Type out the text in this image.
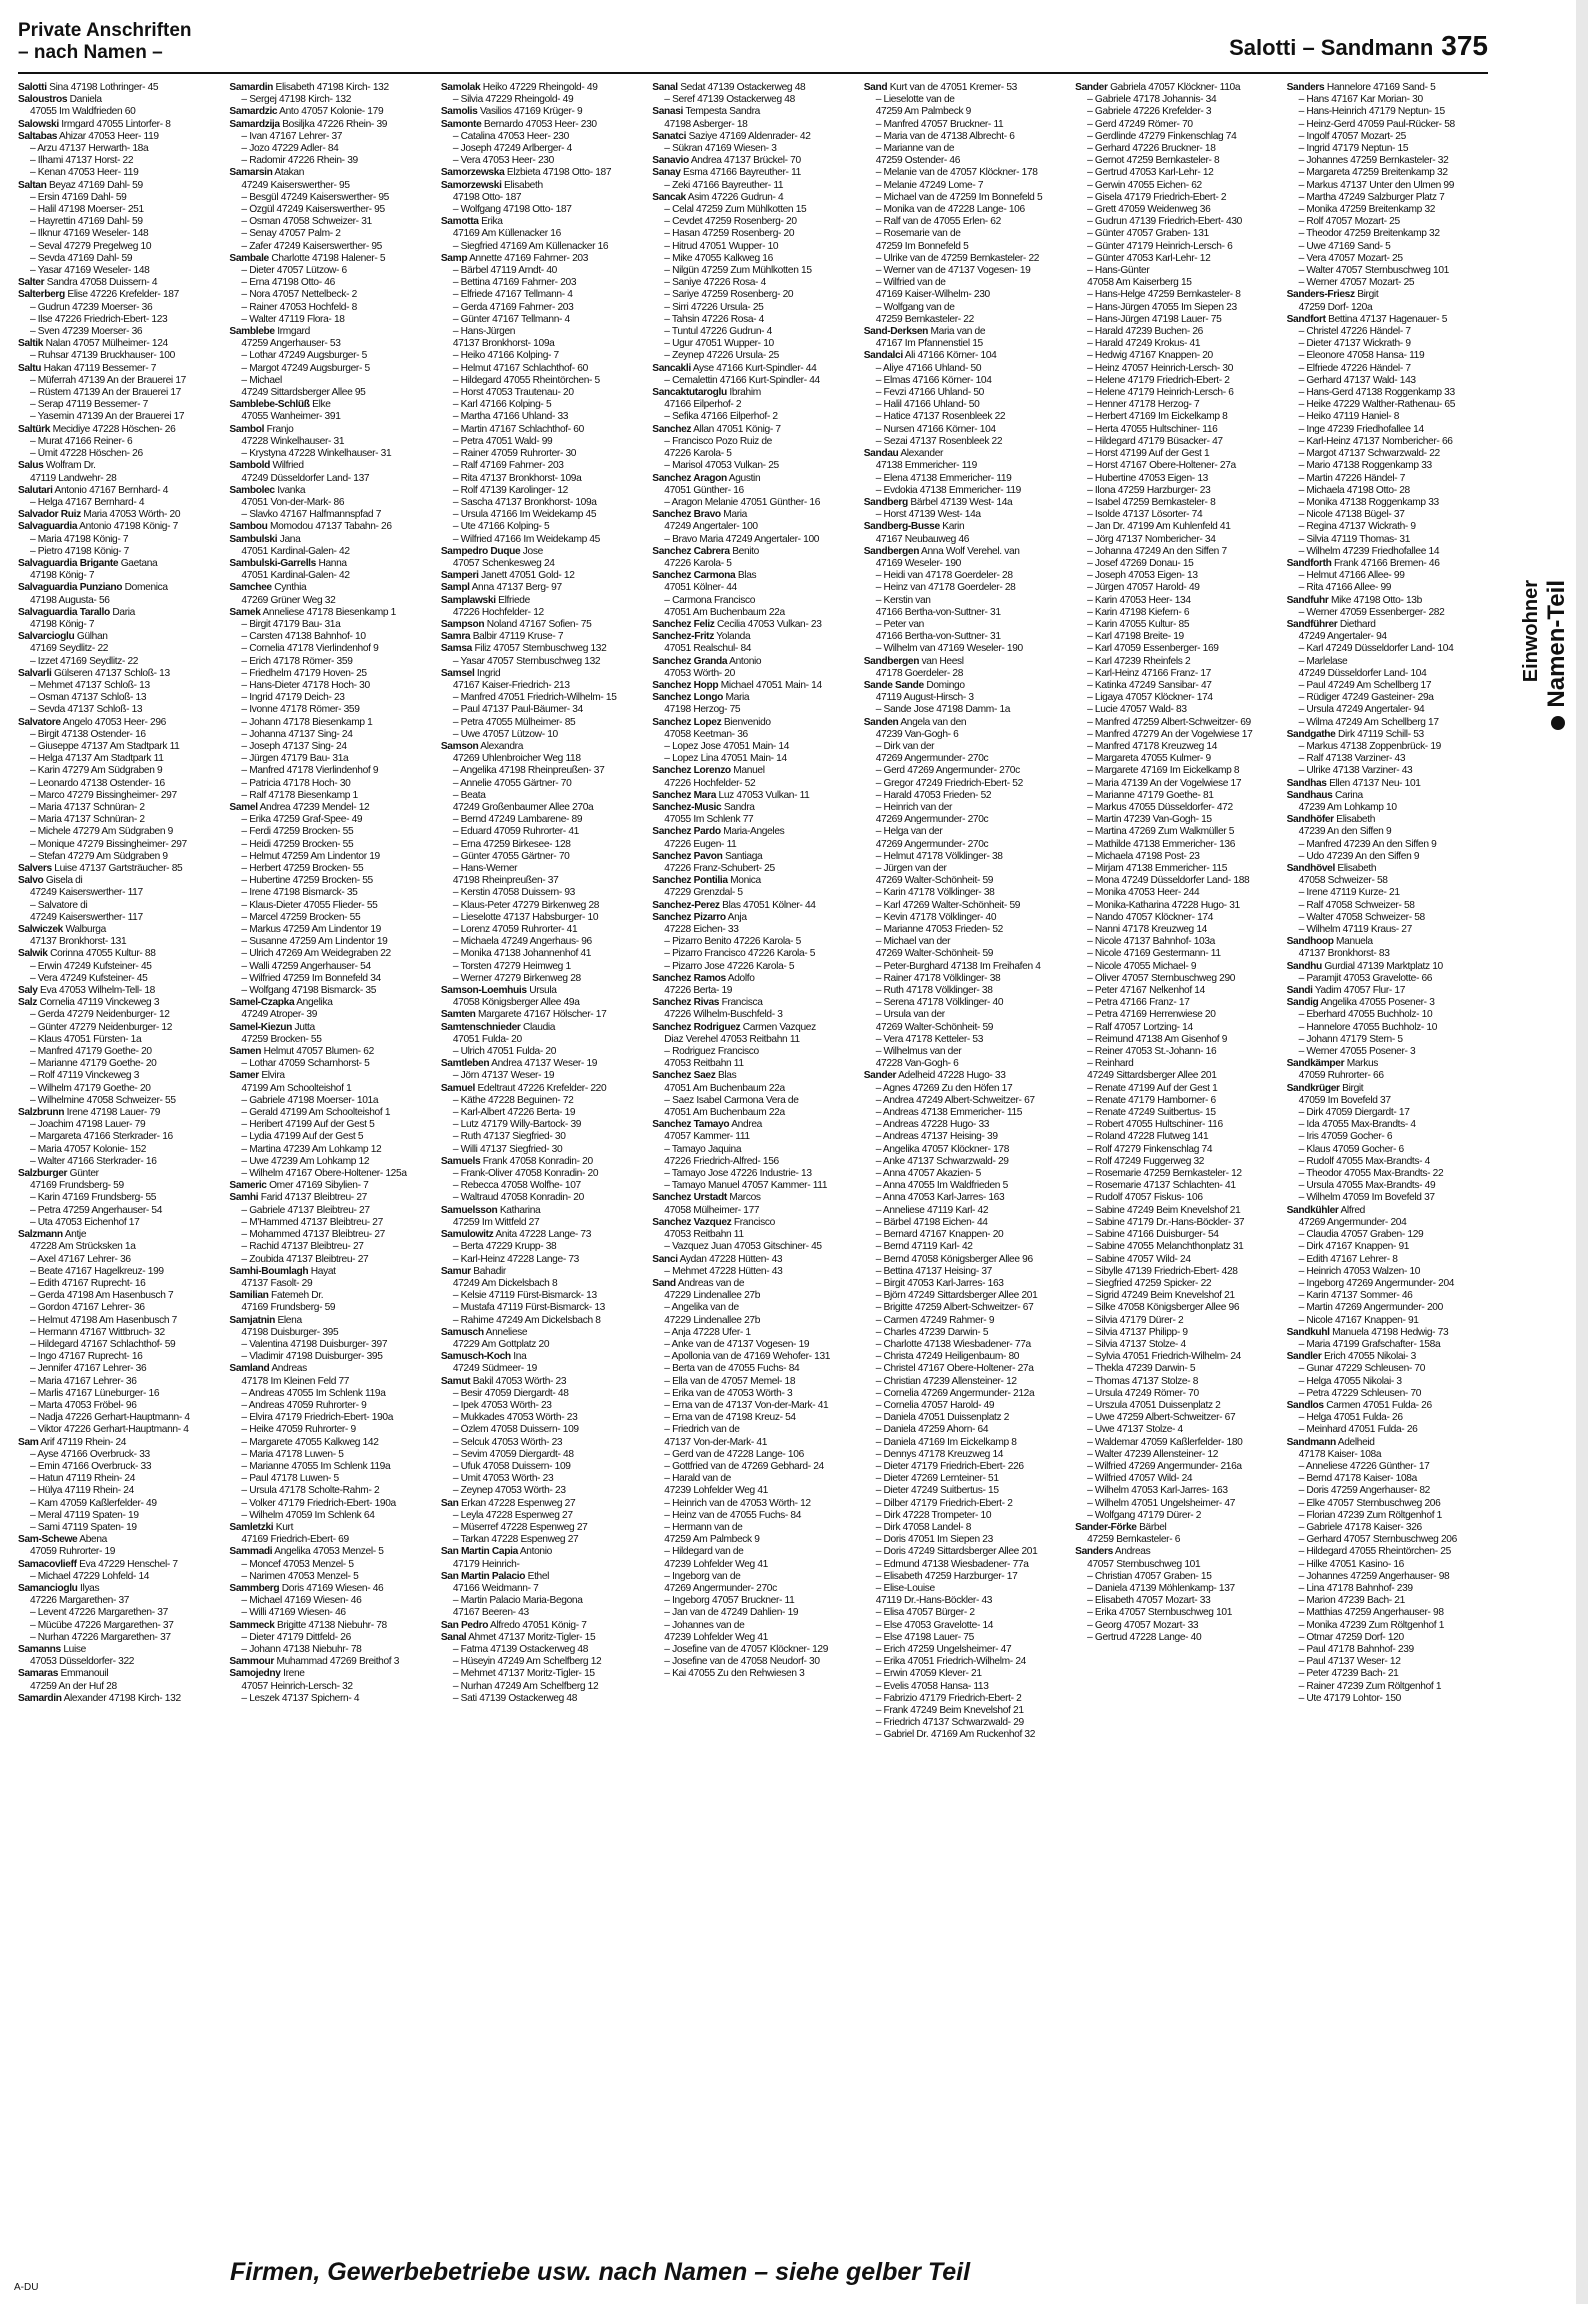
Private Anschriften
– nach Namen –	Salotti – Sandmann 375
Salotti Sina 47198 Lothringer- 45
Saloustros Daniela
47055 Im Waldfrieden 60
Salowski Irmgard 47055 Lintorfer- 8
Saltabas Ahizar 47053 Heer- 119
– Arzu 47137 Herwarth- 18a
– Ilhami 47137 Horst- 22
– Kenan 47053 Heer- 119
Saltan Beyaz 47169 Dahl- 59
– Ersin 47169 Dahl- 59
– Halil 47198 Moerser- 251
– Hayrettin 47169 Dahl- 59
– Ilknur 47169 Weseler- 148
– Seval 47279 Pregelweg 10
– Sevda 47169 Dahl- 59
– Yasar 47169 Weseler- 148
Salter Sandra 47058 Duissern- 4
Salterberg Elise 47226 Krefelder- 187
– Gudrun 47239 Moerser- 36
– Ilse 47226 Friedrich-Ebert- 123
– Sven 47239 Moerser- 36
Saltik Nalan 47057 Mülheimer- 124
– Ruhsar 47139 Bruckhauser- 100
Saltu Hakan 47119 Bessemer- 7
– Müferrah 47139 An der Brauerei 17
– Rüstem 47139 An der Brauerei 17
– Serap 47119 Bessemer- 7
– Yasemin 47139 An der Brauerei 17
Saltürk Mecidiye 47228 Höschen- 26
– Murat 47166 Reiner- 6
– Ümit 47228 Höschen- 26
Salus Wolfram Dr.
47119 Landwehr- 28
Salutari Antonio 47167 Bernhard- 4
– Helga 47167 Bernhard- 4
Salvador Ruiz Maria 47053 Wörth- 20
Salvaguardia Antonio 47198 König- 7
– Maria 47198 König- 7
– Pietro 47198 König- 7
Salvaguardia Brigante Gaetana
47198 König- 7
Salvaguardia Punziano Domenica
47198 Augusta- 56
Salvaguardia Tarallo Daria
47198 König- 7
Salvarcioglu Gülhan
47169 Seydlitz- 22
– Izzet 47169 Seydlitz- 22
Salvarli Gülseren 47137 Schloß- 13
– Mehmet 47137 Schloß- 13
– Osman 47137 Schloß- 13
– Sevda 47137 Schloß- 13
Salvatore Angelo 47053 Heer- 296
– Birgit 47138 Ostender- 16
– Giuseppe 47137 Am Stadtpark 11
– Helga 47137 Am Stadtpark 11
– Karin 47279 Am Südgraben 9
– Leonardo 47138 Ostender- 16
– Marco 47279 Bissingheimer- 297
– Maria 47137 Schnüran- 2
– Maria 47137 Schnüran- 2
– Michele 47279 Am Südgraben 9
– Monique 47279 Bissingheimer- 297
– Stefan 47279 Am Südgraben 9
Salvers Luise 47137 Gartsträucher- 85
Salvo Gisela di
47249 Kaiserswerther- 117
– Salvatore di
47249 Kaiserswerther- 117
Salwiczek Walburga
47137 Bronkhorst- 131
Salwik Corinna 47055 Kultur- 88
– Erwin 47249 Kufsteiner- 45
– Vera 47249 Kufsteiner- 45
Saly Eva 47053 Wilhelm-Tell- 18
Salz Cornelia 47119 Vinckeweg 3
– Gerda 47279 Neidenburger- 12
– Günter 47279 Neidenburger- 12
– Klaus 47051 Fürsten- 1a
– Manfred 47179 Goethe- 20
– Marianne 47179 Goethe- 20
– Rolf 47119 Vinckeweg 3
– Wilhelm 47179 Goethe- 20
– Wilhelmine 47058 Schweizer- 55
Salzbrunn Irene 47198 Lauer- 79
– Joachim 47198 Lauer- 79
– Margareta 47166 Sterkrader- 16
– Maria 47057 Koloniе- 152
– Walter 47166 Sterkrader- 16
Salzburger Günter
47169 Frundsberg- 59
– Karin 47169 Frundsberg- 55
– Petra 47259 Angerhauser- 54
– Uta 47053 Eichenhof 17
Salzmann Antje
47228 Am Strücksken 1a
– Axel 47167 Lehrer- 36
– Beate 47167 Hagelkreuz- 199
– Edith 47167 Ruprecht- 16
– Gerda 47198 Am Hasenbusch 7
– Gordon 47167 Lehrer- 36
– Helmut 47198 Am Hasenbusch 7
– Hermann 47167 Wittbruch- 32
– Hildegard 47167 Schlachthof- 59
– Ingo 47167 Ruprecht- 16
– Jennifer 47167 Lehrer- 36
– Maria 47167 Lehrer- 36
– Marlis 47167 Lüneburger- 16
– Marta 47053 Fröbel- 96
– Nadja 47226 Gerhart-Hauptmann- 4
– Viktor 47226 Gerhart-Hauptmann- 4
Sam Arif 47119 Rhein- 24
– Ayse 47166 Overbruck- 33
– Emin 47166 Overbruck- 33
– Hatun 47119 Rhein- 24
– Hülya 47119 Rhein- 24
– Kam 47059 Kaßlerfelder- 49
– Meral 47119 Spaten- 19
– Sami 47119 Spaten- 19
Sam-Schewe Abena
47059 Ruhrorter- 19
Samacovlieff Eva 47229 Henschel- 7
– Michael 47229 Lohfeld- 14
Samancioglu Ilyas
47226 Margarethen- 37
– Levent 47226 Margarethen- 37
– Mücübe 47226 Margarethen- 37
– Nurhan 47226 Margarethen- 37
Samanns Luise
47053 Düsseldorfer- 322
Samaras Emmanouil
47259 An der Huf 28
Samardin Alexander 47198 Kirch- 132
Samardin Elisabeth 47198 Kirch- 132
– Sergej 47198 Kirch- 132
Samardzic Anto 47057 Kolonie- 179
Samardzija Bosiljka 47226 Rhein- 39
– Ivan 47167 Lehrer- 37
– Jozo 47229 Adler- 84
– Radomir 47226 Rhein- 39
Samarsin Atakan
47249 Kaiserswerther- 95
– Besgül 47249 Kaiserswerther- 95
– Özgül 47249 Kaiserswerther- 95
– Osman 47058 Schweizer- 31
– Senay 47057 Palm- 2
– Zafer 47249 Kaiserswerther- 95
Sambale Charlotte 47198 Halener- 5
– Dieter 47057 Lützow- 6
– Erna 47198 Otto- 46
– Nora 47057 Nettelbeck- 2
– Rainer 47053 Hochfeld- 8
– Walter 47119 Flora- 18
Samblebe Irmgard
47259 Angerhauser- 53
– Lothar 47249 Augsburger- 5
– Margot 47249 Augsburger- 5
– Michael
47249 Sittardsberger Allee 95
Samblebe-Schlüß Elke
47055 Wanheimer- 391
Sambol Franjo
47228 Winkelhauser- 31
– Krystyna 47228 Winkelhauser- 31
Sambold Wilfried
47249 Düsseldorfer Land- 137
Sambolec Ivanka
47051 Von-der-Mark- 86
– Slavko 47167 Halfmannspfad 7
Sambou Momodou 47137 Tabahn- 26
Sambulski Jana
47051 Kardinal-Galen- 42
Sambulski-Garrells Hanna
47051 Kardinal-Galen- 42
Samchee Cynthia
47269 Grüner Weg 32
Samek Anneliese 47178 Biesenkamp 1
– Birgit 47179 Bau- 31a
– Carsten 47138 Bahnhof- 10
– Cornelia 47178 Vierlindenhof 9
– Erich 47178 Römer- 359
– Friedhelm 47179 Hoven- 25
– Hans-Dieter 47178 Hoch- 30
– Ingrid 47179 Deich- 23
– Ivonne 47178 Römer- 359
– Johann 47178 Biesenkamp 1
– Johanna 47137 Sing- 24
– Joseph 47137 Sing- 24
– Jürgen 47179 Bau- 31a
– Manfred 47178 Vierlindenhof 9
– Patricia 47178 Hoch- 30
– Ralf 47178 Biesenkamp 1
Samel Andrea 47239 Mendel- 12
– Erika 47259 Graf-Spee- 49
– Ferdi 47259 Brocken- 55
– Heidi 47259 Brocken- 55
– Helmut 47259 Am Lindentor 19
– Herbert 47259 Brocken- 55
– Hubertine 47259 Brocken- 55
– Irene 47198 Bismarck- 35
– Klaus-Dieter 47055 Flieder- 55
– Marcel 47259 Brocken- 55
– Markus 47259 Am Lindentor 19
– Susanne 47259 Am Lindentor 19
– Ulrich 47269 Am Weidegraben 22
– Walli 47259 Angerhauser- 54
– Wilfried 47259 Im Bonnefeld 34
– Wolfgang 47198 Bismarck- 35
Samel-Czapka Angelika
47249 Atroper- 39
Samel-Kiezun Jutta
47259 Brocken- 55
Samen Helmut 47057 Blumen- 62
– Lothar 47059 Scharnhorst- 5
Samer Elvira
47199 Am Schoolteishof 1
– Gabriele 47198 Moerser- 101a
– Gerald 47199 Am Schoolteishof 1
– Heribert 47199 Auf der Gest 5
– Lydia 47199 Auf der Gest 5
– Martina 47239 Am Lohkamp 12
– Uwe 47239 Am Lohkamp 12
– Wilhelm 47167 Obere-Holtener- 125a
Sameric Omer 47169 Sibylien- 7
Samhi Farid 47137 Bleibtreu- 27
– Gabriele 47137 Bleibtreu- 27
– M'Hammed 47137 Bleibtreu- 27
– Mohammed 47137 Bleibtreu- 27
– Rachid 47137 Bleibtreu- 27
– Zoubida 47137 Bleibtreu- 27
Samhi-Boumlagh Hayat
47137 Fasolt- 29
Samilian Fatemeh Dr.
47169 Frundsberg- 59
Samjatnin Elena
47198 Duisburger- 395
– Valentina 47198 Duisburger- 397
– Vladimir 47198 Duisburger- 395
Samland Andreas
47178 Im Kleinen Feld 77
– Andreas 47055 Im Schlenk 119a
– Andreas 47059 Ruhrorter- 9
– Elvira 47179 Friedrich-Ebert- 190a
– Heike 47059 Ruhrorter- 9
– Margarete 47055 Kalkweg 142
– Maria 47178 Luwen- 5
– Marianne 47055 Im Schlenk 119a
– Paul 47178 Luwen- 5
– Ursula 47178 Scholte-Rahm- 2
– Volker 47179 Friedrich-Ebert- 190a
– Wilhelm 47059 Im Schlenk 64
Samletzki Kurt
47169 Friedrich-Ebert- 69
Sammadi Angelika 47053 Menzel- 5
– Moncef 47053 Menzel- 5
– Narimen 47053 Menzel- 5
Sammberg Doris 47169 Wiesen- 46
– Michael 47169 Wiesen- 46
– Willi 47169 Wiesen- 46
Sammeck Brigitte 47138 Niebuhr- 78
– Dieter 47179 Dittfeld- 26
– Johann 47138 Niebuhr- 78
Sammour Muhammad 47269 Breithof 3
Samojedny Irene
47057 Heinrich-Lersch- 32
– Leszek 47137 Spichern- 4
Samolak Heiko 47229 Rheingold- 49
– Silvia 47229 Rheingold- 49
Samolis Vasilios 47169 Krüger- 9
Samonte Bernardo 47053 Heer- 230
– Catalina 47053 Heer- 230
– Joseph 47249 Arlberger- 4
– Vera 47053 Heer- 230
Samorzewska Elzbieta 47198 Otto- 187
Samorzewski Elisabeth
47198 Otto- 187
– Wolfgang 47198 Otto- 187
Samotta Erika
47169 Am Küllenacker 16
– Siegfried 47169 Am Küllenacker 16
Samp Annette 47169 Fahrner- 203
– Bärbel 47119 Arndt- 40
– Bettina 47169 Fahrner- 203
– Elfriede 47167 Tellmann- 4
– Gerda 47169 Fahrner- 203
– Günter 47167 Tellmann- 4
– Hans-Jürgen
47137 Bronkhorst- 109a
– Heiko 47166 Kolping- 7
– Helmut 47167 Schlachthof- 60
– Hildegard 47055 Rheintörchen- 5
– Horst 47053 Trautenau- 20
– Karl 47166 Kolping- 5
– Martha 47166 Uhland- 33
– Martin 47167 Schlachthof- 60
– Petra 47051 Wald- 99
– Rainer 47059 Ruhrorter- 30
– Ralf 47169 Fahrner- 203
– Rita 47137 Bronkhorst- 109a
– Rolf 47139 Karolinger- 12
– Sascha 47137 Bronkhorst- 109a
– Ursula 47166 Im Weidekamp 45
– Ute 47166 Kolping- 5
– Wilfried 47166 Im Weidekamp 45
Sampedro Duque Jose
47057 Schenkesweg 24
Samperi Janett 47051 Gold- 12
Sampl Anna 47137 Berg- 97
Samplawski Elfriede
47226 Hochfelder- 12
Sampson Noland 47167 Sofien- 75
Samra Balbir 47119 Kruse- 7
Samsa Filiz 47057 Sternbuschweg 132
– Yasar 47057 Sternbuschweg 132
Samsel Ingrid
47167 Kaiser-Friedrich- 213
– Manfred 47051 Friedrich-Wilhelm- 15
– Paul 47137 Paul-Bäumer- 34
– Petra 47055 Mülheimer- 85
– Uwe 47057 Lützow- 10
Samson Alexandra
47269 Uhlenbroicher Weg 118
– Angelika 47198 Rheinpreußen- 37
– Annelie 47055 Gärtner- 70
– Beata
47249 Großenbaumer Allee 270a
– Bernd 47249 Lambarene- 89
– Eduard 47059 Ruhrorter- 41
– Erna 47259 Birkesee- 128
– Günter 47055 Gärtner- 70
– Hans-Werner
47198 Rheinpreußen- 37
– Kerstin 47058 Duissern- 93
– Klaus-Peter 47279 Birkenweg 28
– Lieselotte 47137 Habsburger- 10
– Lorenz 47059 Ruhrorter- 41
– Michaela 47249 Angerhaus- 96
– Monika 47138 Johannenhof 41
– Torsten 47279 Heimweg 1
– Werner 47279 Birkenweg 28
Samson-Loemhuis Ursula
47058 Königsberger Allee 49a
Samten Margarete 47167 Hölscher- 17
Samtenschnieder Claudia
47051 Fulda- 20
– Ulrich 47051 Fulda- 20
Samtleben Andrea 47137 Weser- 19
– Jörn 47137 Weser- 19
Samuel Edeltraut 47226 Krefelder- 220
– Käthe 47228 Beguinen- 72
– Karl-Albert 47226 Berta- 19
– Lutz 47179 Willy-Bartock- 39
– Ruth 47137 Siegfried- 30
– Willi 47137 Siegfried- 30
Samuels Frank 47058 Konradin- 20
– Frank-Oliver 47058 Konradin- 20
– Rebecca 47058 Wolfhe- 107
– Waltraud 47058 Konradin- 20
Samuelsson Katharina
47259 Im Wittfeld 27
Samulowitz Anita 47228 Lange- 73
– Berta 47229 Krupp- 38
– Karl-Heinz 47228 Lange- 73
Samur Bahadir
47249 Am Dickelsbach 8
– Kelsie 47119 Fürst-Bismarck- 13
– Mustafa 47119 Fürst-Bismarck- 13
– Rahime 47249 Am Dickelsbach 8
Samusch Anneliese
47229 Am Gottplatz 20
Samusch-Koch Ina
47249 Südmeer- 19
Samut Bakil 47053 Wörth- 23
– Besir 47059 Diergardt- 48
– Ipek 47053 Wörth- 23
– Mukkades 47053 Wörth- 23
– Özlem 47058 Duissern- 109
– Selcuk 47053 Wörth- 23
– Sevim 47059 Diergardt- 48
– Ufuk 47058 Duissern- 109
– Umit 47053 Wörth- 23
– Zeynep 47053 Wörth- 23
San Erkan 47228 Espenweg 27
– Leyla 47228 Espenweg 27
– Müserref 47228 Espenweg 27
– Tarkan 47228 Espenweg 27
San Martin Capia Antonio
47179 Heinrich-
San Martin Palacio Ethel
47166 Weidmann- 7
– Martin Palacio Maria-Begona
47167 Beeren- 43
San Pedro Alfredo 47051 König- 7
Sanal Ahmet 47137 Moritz-Tigler- 15
– Fatma 47139 Ostackerweg 48
– Hüseyin 47249 Am Schelfberg 12
– Mehmet 47137 Moritz-Tigler- 15
– Nurhan 47249 Am Schelfberg 12
– Sati 47139 Ostackerweg 48
Sanal Sedat 47139 Ostackerweg 48
– Seref 47139 Ostackerweg 48
Sanasi Tempesta Sandra
47198 Asberger- 18
Sanatci Saziye 47169 Aldenrader- 42
– Sükran 47169 Wiesen- 3
Sanavio Andrea 47137 Brückel- 70
Sanay Esma 47166 Bayreuther- 11
– Zeki 47166 Bayreuther- 11
Sancak Asim 47226 Gudrun- 4
– Celal 47259 Zum Mühlkotten 15
– Cevdet 47259 Rosenberg- 20
– Hasan 47259 Rosenberg- 20
– Hitrud 47051 Wupper- 10
– Mike 47055 Kalkweg 16
– Nilgün 47259 Zum Mühlkotten 15
– Saniye 47226 Rosa- 4
– Sariye 47259 Rosenberg- 20
– Sirri 47226 Ursula- 25
– Tahsin 47226 Rosa- 4
– Tuntul 47226 Gudrun- 4
– Ugur 47051 Wupper- 10
– Zeynep 47226 Ursula- 25
Sancakli Ayse 47166 Kurt-Spindler- 44
– Cemalettin 47166 Kurt-Spindler- 44
Sancaktutaroglu Ibrahim
47166 Eilperhof- 2
– Sefika 47166 Eilperhof- 2
Sanchez Allan 47051 König- 7
– Francisco Pozo Ruiz de
47226 Karola- 5
– Marisol 47053 Vulkan- 25
Sanchez Aragon Agustin
47051 Günther- 16
– Aragon Melanie 47051 Günther- 16
Sanchez Bravo Maria
47249 Angertaler- 100
– Bravo Maria 47249 Angertaler- 100
Sanchez Cabrera Benito
47226 Karola- 5
Sanchez Carmona Blas
47051 Kölner- 44
– Carmona Francisco
47051 Am Buchenbaum 22a
Sanchez Feliz Cecilia 47053 Vulkan- 23
Sanchez-Fritz Yolanda
47051 Realschul- 84
Sanchez Granda Antonio
47053 Wörth- 20
Sanchez Hopp Michael 47051 Main- 14
Sanchez Longo Maria
47198 Herzog- 75
Sanchez Lopez Bienvenido
47058 Keetman- 36
– Lopez Jose 47051 Main- 14
– Lopez Lina 47051 Main- 14
Sanchez Lorenzo Manuel
47226 Hochfelder- 52
Sanchez Mara Luz 47053 Vulkan- 11
Sanchez-Music Sandra
47055 Im Schlenk 77
Sanchez Pardo Maria-Angeles
47226 Eugen- 11
Sanchez Pavon Santiaga
47226 Franz-Schubert- 25
Sanchez Pontilia Monica
47229 Grenzdal- 5
Sanchez-Perez Blas 47051 Kölner- 44
Sanchez Pizarro Anja
47228 Eichen- 33
– Pizarro Benito 47226 Karola- 5
– Pizarro Francisco 47226 Karola- 5
– Pizarro Jose 47226 Karola- 5
Sanchez Ramos Adolfo
47226 Berta- 19
Sanchez Rivas Francisca
47226 Wilhelm-Buschfeld- 3
Sanchez Rodriguez Carmen Vazquez
Diaz Verehel 47053 Reitbahn 11
– Rodriguez Francisco
47053 Reitbahn 11
Sanchez Saez Blas
47051 Am Buchenbaum 22a
– Saez Isabel Carmona Vera de
47051 Am Buchenbaum 22a
Sanchez Tamayo Andrea
47057 Kammer- 111
– Tamayo Jaquina
47226 Friedrich-Alfred- 156
– Tamayo Jose 47226 Industrie- 13
– Tamayo Manuel 47057 Kammer- 111
Sanchez Urstadt Marcos
47058 Mülheimer- 177
Sanchez Vazquez Francisco
47053 Reitbahn 11
– Vazquez Juan 47053 Gitschiner- 45
Sanci Aydan 47228 Hütten- 43
– Mehmet 47228 Hütten- 43
Sand Andreas van de
47229 Lindenallee 27b
– Angelika van de
47229 Lindenallee 27b
– Anja 47228 Ufer- 1
– Anke van de 47137 Vogesen- 19
– Apollonia van de 47169 Wehofer- 131
– Berta van de 47055 Fuchs- 84
– Ella van de 47057 Memel- 18
– Erika van de 47053 Wörth- 3
– Erna van de 47137 Von-der-Mark- 41
– Erna van de 47198 Kreuz- 54
– Friedrich van de
47137 Von-der-Mark- 41
– Gerd van de 47228 Lange- 106
– Gottfried van de 47269 Gebhard- 24
– Harald van de
47239 Lohfelder Weg 41
– Heinrich van de 47053 Wörth- 12
– Heinz van de 47055 Fuchs- 84
– Hermann van de
47259 Am Palmbeck 9
– Hildegard van de
47239 Lohfelder Weg 41
– Ingeborg van de
47269 Angermunder- 270c
– Ingeborg 47057 Bruckner- 11
– Jan van de 47249 Dahlien- 19
– Johannes van de
47239 Lohfelder Weg 41
– Josefine van de 47057 Klöckner- 129
– Josefine van de 47058 Neudorf- 30
– Kai 47055 Zu den Rehwiesen 3
Sand Kurt van de 47051 Kremer- 53
– Lieselotte van de
47259 Am Palmbeck 9
– Manfred 47057 Bruckner- 11
– Maria van de 47138 Albrecht- 6
– Marianne van de
47259 Ostender- 46
– Melanie van de 47057 Klöckner- 178
– Melanie 47249 Lome- 7
– Michael van de 47259 Im Bonnefeld 5
– Monika van de 47228 Lange- 106
– Ralf van de 47055 Erlen- 62
– Rosemarie van de
47259 Im Bonnefeld 5
– Ulrike van de 47259 Bernkasteler- 22
– Werner van de 47137 Vogesen- 19
– Wilfried van de
47169 Kaiser-Wilhelm- 230
– Wolfgang van de
47259 Bernkasteler- 22
Sand-Derksen Maria van de
47167 Im Pfannenstiel 15
Sandalci Ali 47166 Körner- 104
– Aliye 47166 Uhland- 50
– Elmas 47166 Körner- 104
– Fevzi 47166 Uhland- 50
– Halil 47166 Uhland- 50
– Hatice 47137 Rosenbleek 22
– Nursen 47166 Körner- 104
– Sezai 47137 Rosenbleek 22
Sandau Alexander
47138 Emmericher- 119
– Elena 47138 Emmericher- 119
– Evdokia 47138 Emmericher- 119
Sandberg Bärbel 47139 West- 14a
– Horst 47139 West- 14a
Sandberg-Busse Karin
47167 Neubauweg 46
Sandbergen Anna Wolf Verehel. van
47169 Weseler- 190
– Heidi van 47178 Goerdeler- 28
– Heinz van 47178 Goerdeler- 28
– Kerstin van
47166 Bertha-von-Suttner- 31
– Peter van
47166 Bertha-von-Suttner- 31
– Wilhelm van 47169 Weseler- 190
Sandbergen van Heesl
47178 Goerdeler- 28
Sande Sande Domingo
47119 August-Hirsch- 3
– Sande Jose 47198 Damm- 1a
Sanden Angela van den
47239 Van-Gogh- 6
– Dirk van der
47269 Angermunder- 270c
– Gerd 47269 Angermunder- 270c
– Gregor 47249 Friedrich-Ebert- 52
– Harald 47053 Frieden- 52
– Heinrich van der
47269 Angermunder- 270c
– Helga van der
47269 Angermunder- 270c
– Helmut 47178 Völklinger- 38
– Jürgen van der
47269 Walter-Schönheit- 59
– Karin 47178 Völklinger- 38
– Karl 47269 Walter-Schönheit- 59
– Kevin 47178 Völklinger- 40
– Marianne 47053 Frieden- 52
– Michael van der
47269 Walter-Schönheit- 59
– Peter-Burghard 47138 Im Freihafen 4
– Rainer 47178 Völklinger- 38
– Ruth 47178 Völklinger- 38
– Serena 47178 Völklinger- 40
– Ursula van der
47269 Walter-Schönheit- 59
– Vera 47178 Ketteler- 53
– Wilhelmus van der
47228 Van-Gogh- 6
Sander Adelheid 47228 Hugo- 33
– Agnes 47269 Zu den Höfen 17
– Andrea 47249 Albert-Schweitzer- 67
– Andreas 47138 Emmericher- 115
– Andreas 47228 Hugo- 33
– Andreas 47137 Heising- 39
– Angelika 47057 Klöckner- 178
– Anke 47137 Schwarzwald- 29
– Anna 47057 Akazien- 5
– Anna 47055 Im Waldfrieden 5
– Anna 47053 Karl-Jarres- 163
– Anneliese 47119 Karl- 42
– Bärbel 47198 Eichen- 44
– Bernard 47167 Knappen- 20
– Bernd 47119 Karl- 42
– Bernd 47058 Königsberger Allee 96
– Bettina 47137 Heising- 37
– Birgit 47053 Karl-Jarres- 163
– Björn 47249 Sittardsberger Allee 201
– Brigitte 47259 Albert-Schweitzer- 67
– Carmen 47249 Rahmer- 9
– Charles 47239 Darwin- 5
– Charlotte 47138 Wiesbadener- 77a
– Christa 47249 Heiligenbaum- 80
– Christel 47167 Obere-Holtener- 27a
– Christian 47239 Allensteiner- 12
– Cornelia 47269 Angermunder- 212a
– Cornelia 47057 Harold- 49
– Daniela 47051 Duissenplatz 2
– Daniela 47259 Ahorn- 64
– Daniela 47169 Im Eickelkamp 8
– Dennys 47178 Kreuzweg 14
– Dieter 47179 Friedrich-Ebert- 226
– Dieter 47269 Lernteiner- 51
– Dieter 47249 Suitbertus- 15
– Dilber 47179 Friedrich-Ebert- 2
– Dirk 47228 Trompeter- 10
– Dirk 47058 Landel- 8
– Doris 47051 Im Siepen 23
– Doris 47249 Sittardsberger Allee 201
– Edmund 47138 Wiesbadener- 77a
– Elisabeth 47259 Harzburger- 17
– Elise-Louise
47119 Dr.-Hans-Böckler- 43
– Elisa 47057 Bürger- 2
– Else 47053 Gravelotte- 14
– Else 47198 Lauer- 75
– Erich 47259 Ungelsheimer- 47
– Erika 47051 Friedrich-Wilhelm- 24
– Erwin 47059 Klever- 21
– Evelis 47058 Hansa- 113
– Fabrizio 47179 Friedrich-Ebert- 2
– Frank 47249 Beim Knevelshof 21
– Friedrich 47137 Schwarzwald- 29
– Gabriel Dr. 47169 Am Ruckenhof 32
Sander Gabriela 47057 Klöckner- 110a
– Gabriele 47178 Johannis- 34
– Gabriele 47226 Krefelder- 3
– Gerd 47249 Römer- 70
– Gerdlinde 47279 Finkenschlag 74
– Gerhard 47226 Bruckner- 18
– Gernot 47259 Bernkasteler- 8
– Gertrud 47053 Karl-Lehr- 12
– Gerwin 47055 Eichen- 62
– Gisela 47179 Friedrich-Ebert- 2
– Grett 47059 Weidenweg 36
– Gudrun 47139 Friedrich-Ebert- 430
– Günter 47057 Graben- 131
– Günter 47179 Heinrich-Lersch- 6
– Günter 47053 Karl-Lehr- 12
– Hans-Günter
47058 Am Kaiserberg 15
– Hans-Helge 47259 Bernkasteler- 8
– Hans-Jürgen 47055 Im Siepen 23
– Hans-Jürgen 47198 Lauer- 75
– Harald 47239 Buchen- 26
– Harald 47249 Krokus- 41
– Hedwig 47167 Knappen- 20
– Heinz 47057 Heinrich-Lersch- 30
– Helene 47179 Friedrich-Ebert- 2
– Helene 47179 Heinrich-Lersch- 6
– Henner 47178 Herzog- 7
– Herbert 47169 Im Eickelkamp 8
– Herta 47055 Hultschiner- 116
– Hildegard 47179 Büsacker- 47
– Horst 47199 Auf der Gest 1
– Horst 47167 Obere-Holtener- 27a
– Hubertine 47053 Eigen- 13
– Ilona 47259 Harzburger- 23
– Isabel 47259 Bernkasteler- 8
– Isolde 47137 Lösorter- 74
– Jan Dr. 47199 Am Kuhlenfeld 41
– Jörg 47137 Nombericher- 34
– Johanna 47249 An den Siffen 7
– Josef 47269 Donau- 15
– Joseph 47053 Eigen- 13
– Jürgen 47057 Harold- 49
– Karin 47053 Heer- 134
– Karin 47198 Kiefern- 6
– Karin 47055 Kultur- 85
– Karl 47198 Breite- 19
– Karl 47059 Essenberger- 169
– Karl 47239 Rheinfels 2
– Karl-Heinz 47166 Franz- 17
– Katinka 47249 Sansibar- 47
– Ligaya 47057 Klöckner- 174
– Lucie 47057 Wald- 83
– Manfred 47259 Albert-Schweitzer- 69
– Manfred 47279 An der Vogelwiese 17
– Manfred 47178 Kreuzweg 14
– Margareta 47055 Kulmer- 9
– Margarete 47169 Im Eickelkamp 8
– Maria 47139 An der Vogelwiese 17
– Marianne 47179 Goethe- 81
– Markus 47055 Düsseldorfer- 472
– Martin 47239 Van-Gogh- 15
– Martina 47269 Zum Walkmüller 5
– Mathilde 47138 Emmericher- 136
– Michaela 47198 Post- 23
– Mirjam 47138 Emmericher- 115
– Mona 47249 Düsseldorfer Land- 188
– Monika 47053 Heer- 244
– Monika-Katharina 47228 Hugo- 31
– Nando 47057 Klöckner- 174
– Nanni 47178 Kreuzweg 14
– Nicole 47137 Bahnhof- 103a
– Nicole 47169 Gestermann- 11
– Nicole 47055 Michael- 9
– Oliver 47057 Sternbuschweg 290
– Peter 47167 Nelkenhof 14
– Petra 47166 Franz- 17
– Petra 47169 Herrenwiese 20
– Ralf 47057 Lortzing- 14
– Reimund 47138 Am Gisenhof 9
– Reiner 47053 St.-Johann- 16
– Reinhard
47249 Sittardsberger Allee 201
– Renate 47199 Auf der Gest 1
– Renate 47179 Hamborner- 6
– Renate 47249 Suitbertus- 15
– Robert 47055 Hultschiner- 116
– Roland 47228 Flutweg 141
– Rolf 47279 Finkenschlag 74
– Rolf 47249 Fuggerweg 32
– Rosemarie 47259 Bernkasteler- 12
– Rosemarie 47137 Schlachten- 41
– Rudolf 47057 Fiskus- 106
– Sabine 47249 Beim Knevelshof 21
– Sabine 47179 Dr.-Hans-Böckler- 37
– Sabine 47166 Duisburger- 54
– Sabine 47055 Melanchthonplatz 31
– Sabine 47057 Wild- 24
– Sibylle 47139 Friedrich-Ebert- 428
– Siegfried 47259 Spicker- 22
– Sigrid 47249 Beim Knevelshof 21
– Silke 47058 Königsberger Allee 96
– Silvia 47179 Dürer- 2
– Silvia 47137 Philipp- 9
– Silvia 47137 Stolze- 4
– Sylvia 47051 Friedrich-Wilhelm- 24
– Thekla 47239 Darwin- 5
– Thomas 47137 Stolze- 8
– Ursula 47249 Römer- 70
– Urszula 47051 Duissenplatz 2
– Uwe 47259 Albert-Schweitzer- 67
– Uwe 47137 Stolze- 4
– Waldemar 47059 Kaßlerfelder- 180
– Walter 47239 Allensteiner- 12
– Wilfried 47269 Angermunder- 216a
– Wilfried 47057 Wild- 24
– Wilhelm 47053 Karl-Jarres- 163
– Wilhelm 47051 Ungelsheimer- 47
– Wolfgang 47179 Dürer- 2
Sander-Förke Bärbel
47259 Bernkasteler- 6
Sanders Andreas
47057 Sternbuschweg 101
– Christian 47057 Graben- 15
– Daniela 47139 Möhlenkamp- 137
– Elisabeth 47057 Mozart- 33
– Erika 47057 Sternbuschweg 101
– Georg 47057 Mozart- 33
– Gertrud 47228 Lange- 40
Sanders Hannelore 47169 Sand- 5
– Hans 47167 Kar Morian- 30
– Hans-Heinrich 47179 Neptun- 15
– Heinz-Gerd 47059 Paul-Rücker- 58
– Ingolf 47057 Mozart- 25
– Ingrid 47179 Neptun- 15
– Johannes 47259 Bernkasteler- 32
– Margareta 47259 Breitenkamp 32
– Markus 47137 Unter den Ulmen 99
– Martha 47249 Salzburger Platz 7
– Monika 47259 Breitenkamp 32
– Rolf 47057 Mozart- 25
– Theodor 47259 Breitenkamp 32
– Uwe 47169 Sand- 5
– Vera 47057 Mozart- 25
– Walter 47057 Sternbuschweg 101
– Werner 47057 Mozart- 25
Sanders-Friesz Birgit
47259 Dorf- 120a
Sandfort Bettina 47137 Hagenauer- 5
– Christel 47226 Händel- 7
– Dieter 47137 Wickrath- 9
– Eleonore 47058 Hansa- 119
– Elfriede 47226 Händel- 7
– Gerhard 47137 Wald- 143
– Hans-Gerd 47138 Roggenkamp 33
– Heike 47229 Walther-Rathenau- 65
– Heiko 47119 Haniel- 8
– Inge 47239 Friedhofallee 14
– Karl-Heinz 47137 Nombericher- 66
– Margot 47137 Schwarzwald- 22
– Mario 47138 Roggenkamp 33
– Martin 47226 Händel- 7
– Michaela 47198 Otto- 28
– Monika 47138 Roggenkamp 33
– Nicole 47138 Bügel- 37
– Regina 47137 Wickrath- 9
– Silvia 47119 Thomas- 31
– Wilhelm 47239 Friedhofallee 14
Sandforth Frank 47166 Bremen- 46
– Helmut 47166 Allee- 99
– Rita 47166 Allee- 99
Sandfuhr Mike 47198 Otto- 13b
– Werner 47059 Essenberger- 282
Sandführer Diethard
47249 Angertaler- 94
– Karl 47249 Düsseldorfer Land- 104
– Marlelase
47249 Düsseldorfer Land- 104
– Paul 47249 Am Schellberg 17
– Rüdiger 47249 Gasteiner- 29a
– Ursula 47249 Angertaler- 94
– Wilma 47249 Am Schellberg 17
Sandgathe Dirk 47119 Schill- 53
– Markus 47138 Zoppenbrück- 19
– Ralf 47138 Varziner- 43
– Ulrike 47138 Varziner- 43
Sandhas Ellen 47137 Neu- 101
Sandhaus Carina
47239 Am Lohkamp 10
Sandhöfer Elisabeth
47239 An den Siffen 9
– Manfred 47239 An den Siffen 9
– Udo 47239 An den Siffen 9
Sandhövel Elisabeth
47058 Schweizer- 58
– Irene 47119 Kurze- 21
– Ralf 47058 Schweizer- 58
– Walter 47058 Schweizer- 58
– Wilhelm 47119 Kraus- 27
Sandhoop Manuela
47137 Bronkhorst- 83
Sandhu Gurdial 47139 Marktplatz 10
– Paramjit 47053 Gravelotte- 66
Sandi Yadim 47057 Flur- 17
Sandig Angelika 47055 Posener- 3
– Eberhard 47055 Buchholz- 10
– Hannelore 47055 Buchholz- 10
– Johann 47179 Stern- 5
– Werner 47055 Posener- 3
Sandkämper Markus
47059 Ruhrorter- 66
Sandkrüger Birgit
47059 Im Bovefeld 37
– Dirk 47059 Diergardt- 17
– Ida 47055 Max-Brandts- 4
– Iris 47059 Gocher- 6
– Klaus 47059 Gocher- 6
– Rudolf 47055 Max-Brandts- 4
– Theodor 47055 Max-Brandts- 22
– Ursula 47055 Max-Brandts- 49
– Wilhelm 47059 Im Bovefeld 37
Sandkühler Alfred
47269 Angermunder- 204
– Claudia 47057 Graben- 129
– Dirk 47167 Knappen- 91
– Edith 47167 Lehrer- 8
– Heinrich 47053 Walzen- 10
– Ingeborg 47269 Angermunder- 204
– Karin 47137 Sommer- 46
– Martin 47269 Angermunder- 200
– Nicole 47167 Knappen- 91
Sandkuhl Manuela 47198 Hedwig- 73
– Maria 47199 Grafschafter- 158a
Sandler Erich 47055 Nikolai- 3
– Gunar 47229 Schleusen- 70
– Helga 47055 Nikolai- 3
– Petra 47229 Schleusen- 70
Sandlos Carmen 47051 Fulda- 26
– Helga 47051 Fulda- 26
– Meinhard 47051 Fulda- 26
Sandmann Adelheid
47178 Kaiser- 108a
– Anneliese 47226 Günther- 17
– Bernd 47178 Kaiser- 108a
– Doris 47259 Angerhauser- 82
– Elke 47057 Sternbuschweg 206
– Florian 47239 Zum Röltgenhof 1
– Gabriele 47178 Kaiser- 326
– Gerhard 47057 Sternbuschweg 206
– Hildegard 47055 Rheintörchen- 25
– Hilke 47051 Kasino- 16
– Johannes 47259 Angerhauser- 98
– Lina 47178 Bahnhof- 239
– Marion 47239 Bach- 21
– Matthias 47259 Angerhauser- 98
– Monika 47239 Zum Röltgenhof 1
– Otmar 47259 Dorf- 120
– Paul 47178 Bahnhof- 239
– Paul 47137 Weser- 12
– Peter 47239 Bach- 21
– Rainer 47239 Zum Röltgenhof 1
– Ute 47179 Lohtor- 150
Einwohner Namen-Teil
Firmen, Gewerbebetriebe usw. nach Namen – siehe gelber Teil
A-DU
